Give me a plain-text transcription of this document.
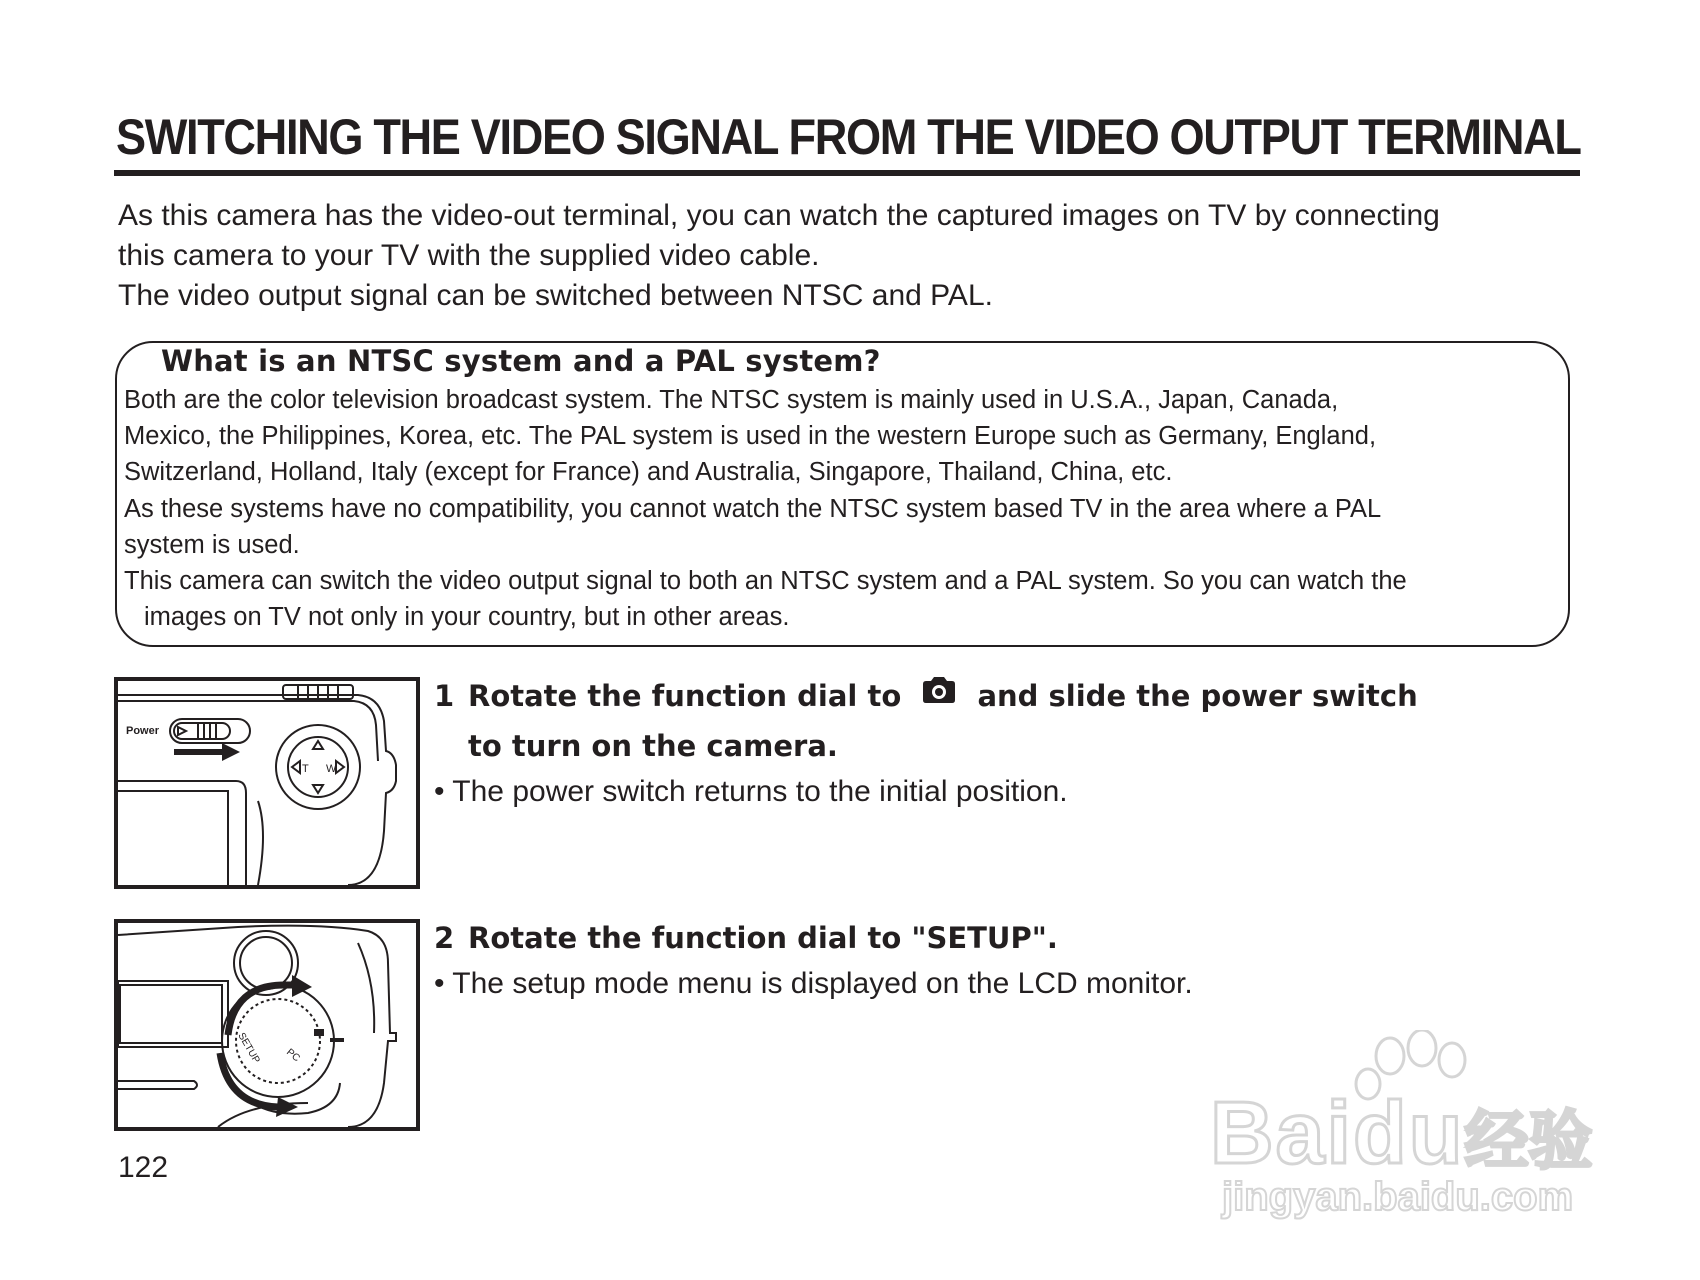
SWITCHING THE VIDEO SIGNAL FROM THE VIDEO OUTPUT TERMINAL

As this camera has the video-out terminal, you can watch the captured images on TV by connecting

this camera to your TV with the supplied video cable.

The video output signal can be switched between NTSC and PAL.

What is an NTSC system and a PAL system?

Both are the color television broadcast system. The NTSC system is mainly used in U.S.A., Japan, Canada,

Mexico, the Philippines, Korea, etc. The PAL system is used in the western Europe such as Germany, England,

Switzerland, Holland, Italy (except for France) and Australia, Singapore, Thailand, China, etc.

As these systems have no compatibility, you cannot watch the NTSC system based TV in the area where a PAL

system is used.

This camera can switch the video output signal to both an NTSC system and a PAL system. So you can watch the

images on TV not only in your country, but in other areas.

Power
T W
1 Rotate the function dial to	and slide the power switch
to turn on the camera.
• The power switch returns to the initial position.
SETUP PC
2 Rotate the function dial to "SETUP".
• The setup mode menu is displayed on the LCD monitor.
122	Baidu经验
jingyan.baidu.com
